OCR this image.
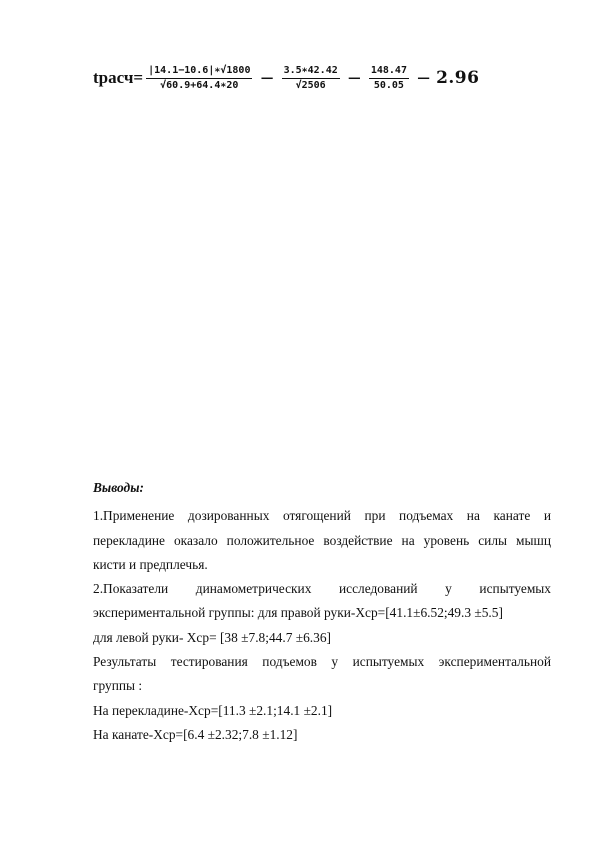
tрасч= $\frac{|14.1-10.6|∗√1800}{√60.9+64.4∗20} - \frac{3.5∗42.42}{√2506} - \frac{148.47}{50.05} - 2.96$
Выводы:

1.Применение дозированных отягощений при подъемах на канате и

перекладине оказало положительное воздействие на уровень силы мышц

кисти и предплечья.

2.Показатели динамометрических исследований у испытуемых

экспериментальной группы: для правой руки-Хср=[41.1±6.52;49.3 ±5.5]

для левой руки- Хср= [38 ±7.8;44.7 ±6.36]

Результаты тестирования подъемов у испытуемых экспериментальной

группы :

На перекладине-Хср=[11.3 ±2.1;14.1 ±2.1]

На канате-Хср=[6.4 ±2.32;7.8 ±1.12]
